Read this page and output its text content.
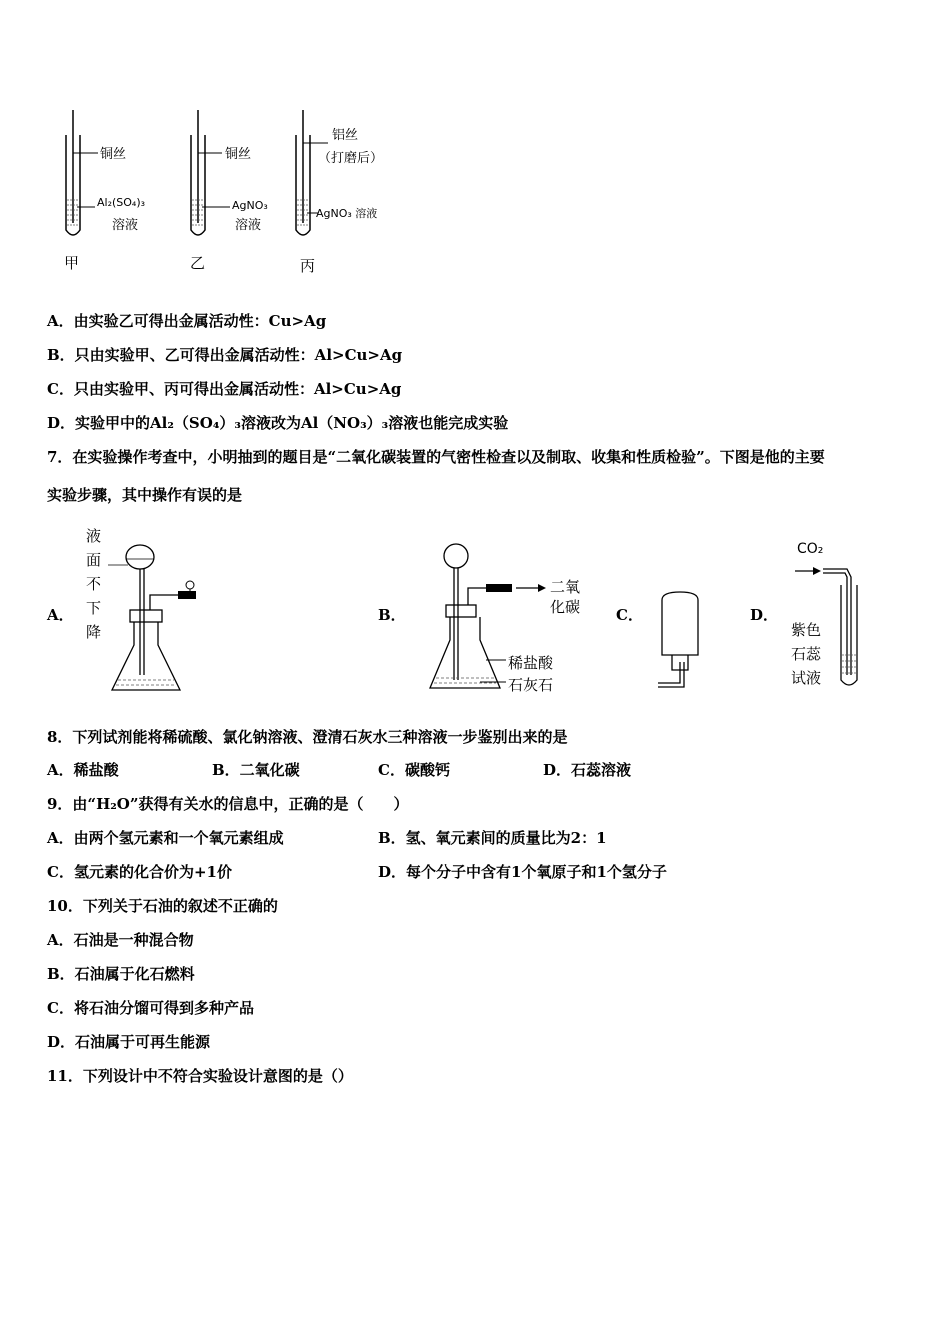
铜丝
Al₂(SO₄)₃
溶液
甲
铜丝
AgNO₃
溶液
乙
铝丝
（打磨后）
AgNO₃ 溶液
丙
A．由实验乙可得出金属活动性：Cu>Ag
B．只由实验甲、乙可得出金属活动性：Al>Cu>Ag
C．只由实验甲、丙可得出金属活动性：Al>Cu>Ag
D．实验甲中的Al₂（SO₄）₃溶液改为Al（NO₃）₃溶液也能完成实验
7．在实验操作考查中，小明抽到的题目是“二氧化碳装置的气密性检查以及制取、收集和性质检验”。下图是他的主要
实验步骤，其中操作有误的是
A．	B．	C．	D．
液
面
不
下
降
二氧
化碳
稀盐酸
石灰石
CO₂
紫色
石蕊
试液
8．下列试剂能将稀硫酸、氯化钠溶液、澄清石灰水三种溶液一步鉴别出来的是
A．稀盐酸	B．二氧化碳	C．碳酸钙	D．石蕊溶液
9．由“H₂O”获得有关水的信息中，正确的是（　　）
A．由两个氢元素和一个氧元素组成	B．氢、氧元素间的质量比为2：1
C．氢元素的化合价为+1价	D．每个分子中含有1个氧原子和1个氢分子
10．下列关于石油的叙述不正确的
A．石油是一种混合物
B．石油属于化石燃料
C．将石油分馏可得到多种产品
D．石油属于可再生能源
11．下列设计中不符合实验设计意图的是（）
